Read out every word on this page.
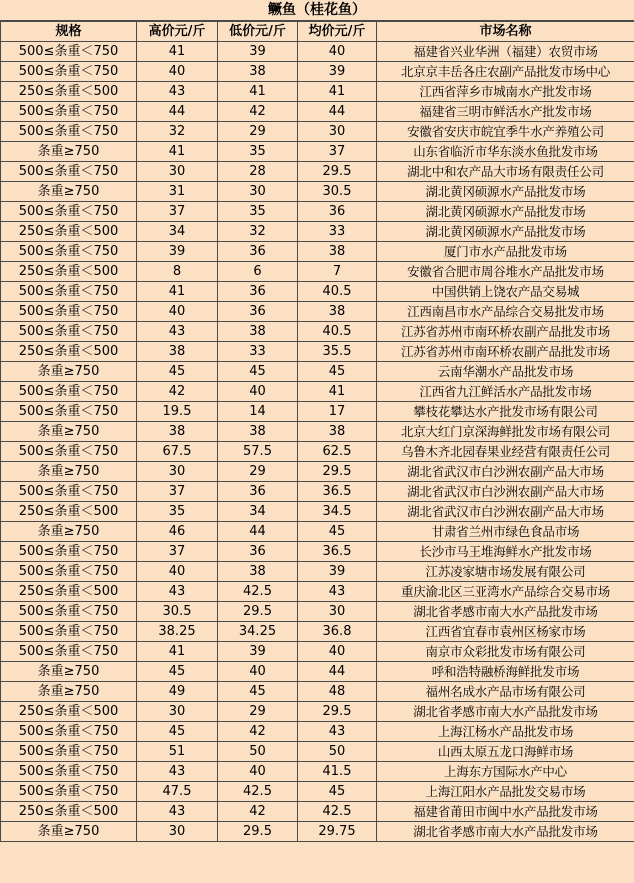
鳜鱼（桂花鱼）
规格	高价元/斤	低价元/斤	均价元/斤	市场名称
500≤条重＜750	41	39	40	福建省兴业华洲（福建）农贸市场
500≤条重＜750	40	38	39	北京京丰岳各庄农副产品批发市场中心
250≤条重＜500	43	41	41	江西省萍乡市城南水产批发市场
500≤条重＜750	44	42	44	福建省三明市鲜活水产批发市场
500≤条重＜750	32	29	30	安徽省安庆市皖宜季牛水产养殖公司
条重≥750	41	35	37	山东省临沂市华东淡水鱼批发市场
500≤条重＜750	30	28	29.5	湖北中和农产品大市场有限责任公司
条重≥750	31	30	30.5	湖北黄冈硕源水产品批发市场
500≤条重＜750	37	35	36	湖北黄冈硕源水产品批发市场
250≤条重＜500	34	32	33	湖北黄冈硕源水产品批发市场
500≤条重＜750	39	36	38	厦门市水产品批发市场
250≤条重＜500	8	6	7	安徽省合肥市周谷堆水产品批发市场
500≤条重＜750	41	36	40.5	中国供销上饶农产品交易城
500≤条重＜750	40	36	38	江西南昌市水产品综合交易批发市场
500≤条重＜750	43	38	40.5	江苏省苏州市南环桥农副产品批发市场
250≤条重＜500	38	33	35.5	江苏省苏州市南环桥农副产品批发市场
条重≥750	45	45	45	云南华潮水产品批发市场
500≤条重＜750	42	40	41	江西省九江鲜活水产品批发市场
500≤条重＜750	19.5	14	17	攀枝花攀达水产批发市场有限公司
条重≥750	38	38	38	北京大红门京深海鲜批发市场有限公司
500≤条重＜750	67.5	57.5	62.5	乌鲁木齐北园春果业经营有限责任公司
条重≥750	30	29	29.5	湖北省武汉市白沙洲农副产品大市场
500≤条重＜750	37	36	36.5	湖北省武汉市白沙洲农副产品大市场
250≤条重＜500	35	34	34.5	湖北省武汉市白沙洲农副产品大市场
条重≥750	46	44	45	甘肃省兰州市绿色食品市场
500≤条重＜750	37	36	36.5	长沙市马王堆海鲜水产批发市场
500≤条重＜750	40	38	39	江苏凌家塘市场发展有限公司
250≤条重＜500	43	42.5	43	重庆渝北区三亚湾水产品综合交易市场
500≤条重＜750	30.5	29.5	30	湖北省孝感市南大水产品批发市场
500≤条重＜750	38.25	34.25	36.8	江西省宜春市袁州区杨家市场
500≤条重＜750	41	39	40	南京市众彩批发市场有限公司
条重≥750	45	40	44	呼和浩特融桥海鲜批发市场
条重≥750	49	45	48	福州名成水产品市场有限公司
250≤条重＜500	30	29	29.5	湖北省孝感市南大水产品批发市场
500≤条重＜750	45	42	43	上海江杨水产品批发市场
500≤条重＜750	51	50	50	山西太原五龙口海鲜市场
500≤条重＜750	43	40	41.5	上海东方国际水产中心
500≤条重＜750	47.5	42.5	45	上海江阳水产品批发交易市场
250≤条重＜500	43	42	42.5	福建省莆田市闽中水产品批发市场
条重≥750	30	29.5	29.75	湖北省孝感市南大水产品批发市场
